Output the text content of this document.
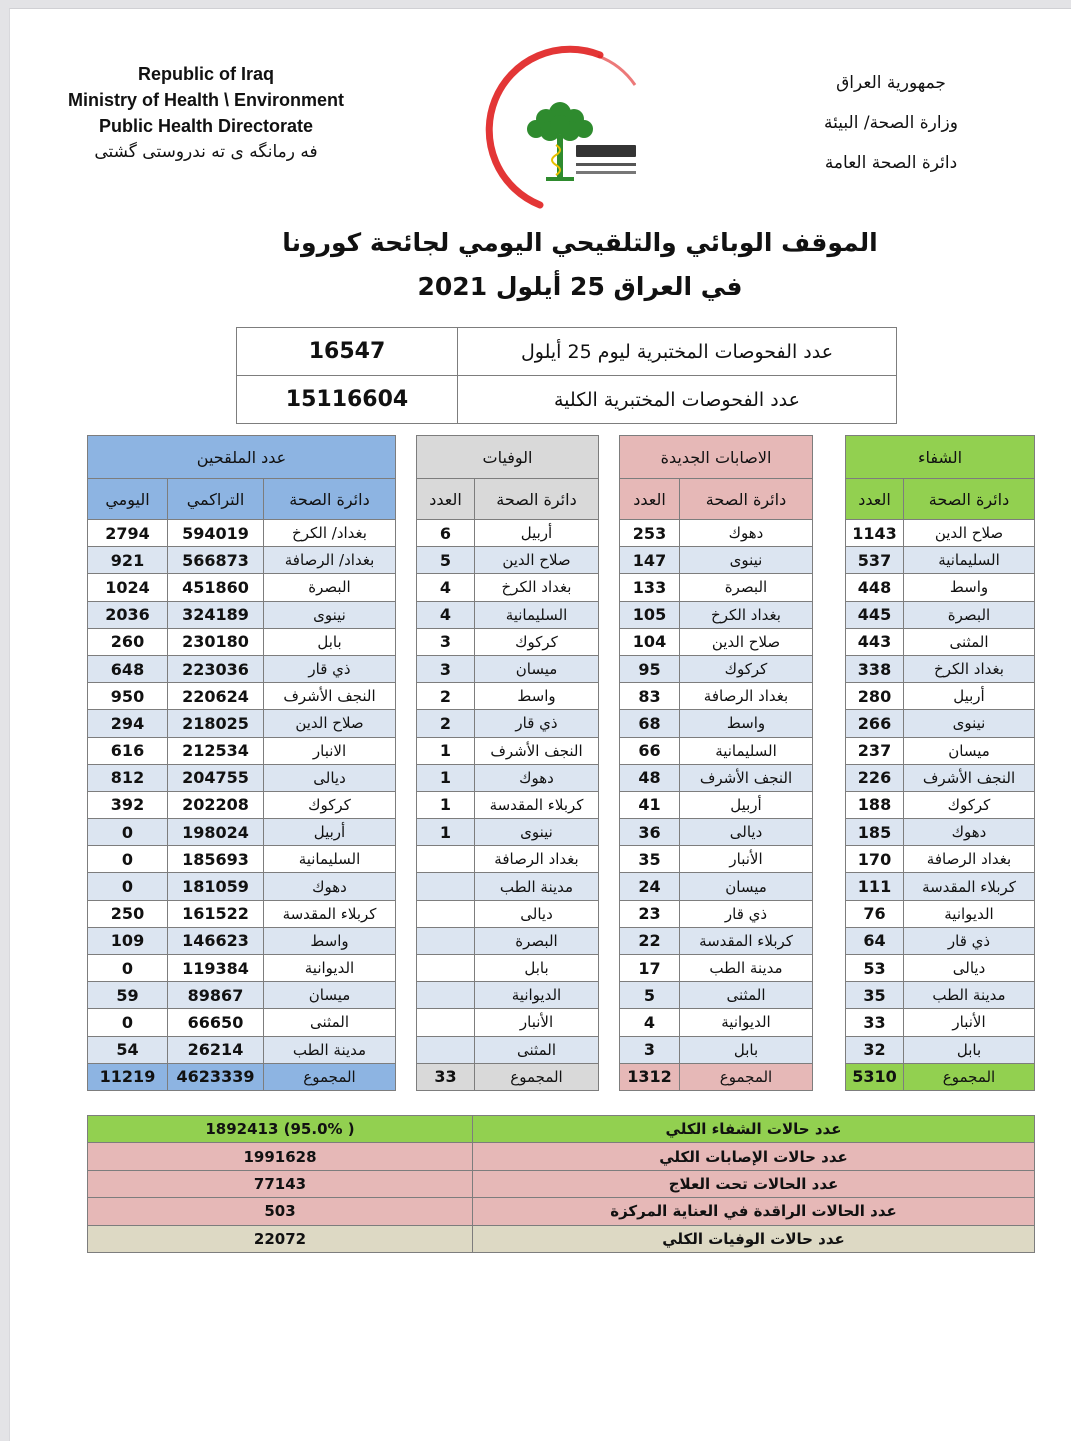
Republic of Iraq
Ministry of Health \ Environment
Public Health Directorate
فه رمانگه ی ته ندروستی گشتی
جمهورية العراق
وزارة الصحة/ البيئة
دائرة الصحة العامة
الموقف الوبائي والتلقيحي اليومي لجائحة كورونا
في العراق 25 أيلول 2021
عدد الفحوصات المختبرية ليوم 25 أيلول	16547
عدد الفحوصات المختبرية الكلية	15116604
الشفاء	
دائرة الصحة	العدد
صلاح الدين	1143
السليمانية	537
واسط	448
البصرة	445
المثنى	443
بغداد الكرخ	338
أربيل	280
نينوى	266
ميسان	237
النجف الأشرف	226
كركوك	188
دهوك	185
بغداد الرصافة	170
كربلاء المقدسة	111
الديوانية	76
ذي قار	64
ديالى	53
مدينة الطب	35
الأنبار	33
بابل	32
المجموع	5310
الاصابات الجديدة	
دائرة الصحة	العدد
دهوك	253
نينوى	147
البصرة	133
بغداد الكرخ	105
صلاح الدين	104
كركوك	95
بغداد الرصافة	83
واسط	68
السليمانية	66
النجف الأشرف	48
أربيل	41
ديالى	36
الأنبار	35
ميسان	24
ذي قار	23
كربلاء المقدسة	22
مدينة الطب	17
المثنى	5
الديوانية	4
بابل	3
المجموع	1312
الوفيات	
دائرة الصحة	العدد
أربيل	6
صلاح الدين	5
بغداد الكرخ	4
السليمانية	4
كركوك	3
ميسان	3
واسط	2
ذي قار	2
النجف الأشرف	1
دهوك	1
كربلاء المقدسة	1
نينوى	1
بغداد الرصافة	
مدينة الطب	
ديالى	
البصرة	
بابل	
الديوانية	
الأنبار	
المثنى	
المجموع	33
عدد الملقحين		
دائرة الصحة	التراكمي	اليومي
بغداد/ الكرخ	594019	2794
بغداد/ الرصافة	566873	921
البصرة	451860	1024
نينوى	324189	2036
بابل	230180	260
ذي قار	223036	648
النجف الأشرف	220624	950
صلاح الدين	218025	294
الانبار	212534	616
ديالى	204755	812
كركوك	202208	392
أربيل	198024	0
السليمانية	185693	0
دهوك	181059	0
كربلاء المقدسة	161522	250
واسط	146623	109
الديوانية	119384	0
ميسان	89867	59
المثنى	66650	0
مدينة الطب	26214	54
المجموع	4623339	11219
عدد حالات الشفاء الكلي	( 95.0%) 1892413
عدد حالات الإصابات الكلي	1991628
عدد الحالات تحت العلاج	77143
عدد الحالات الراقدة في العناية المركزة	503
عدد حالات الوفيات الكلي	22072
